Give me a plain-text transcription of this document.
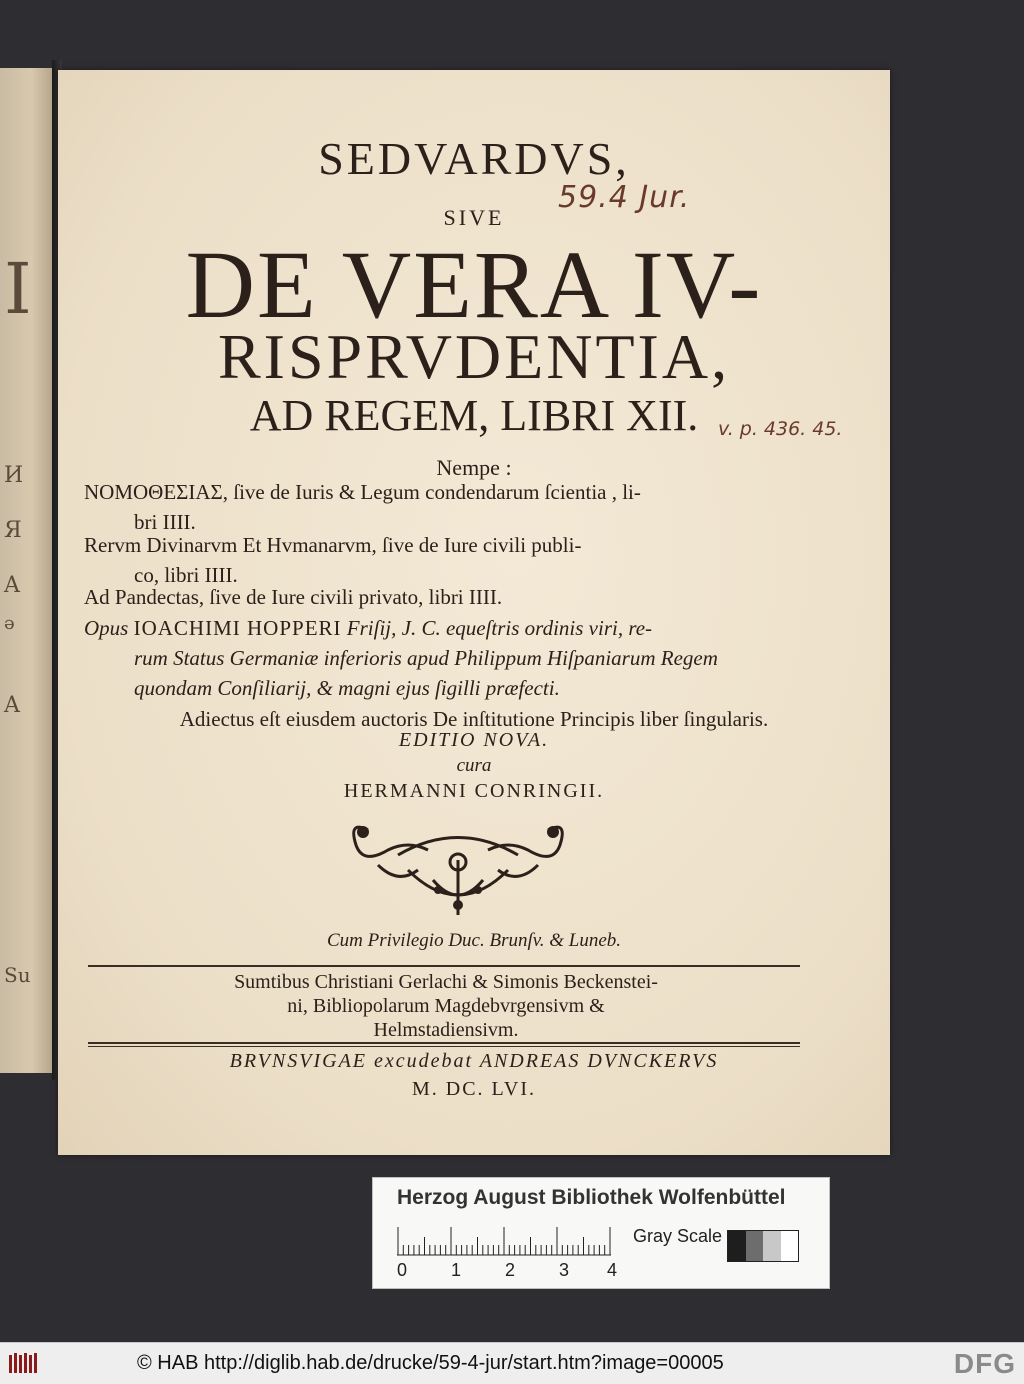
I
И
Я
A
ə
A
Su
SEDVARDVS,
SIVE
DE VERA IV-
RISPRVDENTIA,
AD REGEM, LIBRI XII.
Nempe :
ΝΟΜΟΘΕΣΙΑΣ, ſive de Iuris & Legum condendarum ſcientia , li-
bri IIII.
Rervm Divinarvm Et Hvmanarvm, ſive de Iure civili publi-
co, libri IIII.
Ad Pandectas, ſive de Iure civili privato, libri IIII.
Opus IOACHIMI HOPPERI Friſij, J. C. equeſtris ordinis viri, re-
rum Status Germaniæ inferioris apud Philippum Hiſpaniarum Regem
quondam Conſiliarij, & magni ejus ſigilli præfecti.
Adiectus eſt eiusdem auctoris De inſtitutione Principis liber ſingularis.
EDITIO NOVA.
cura
HERMANNI CONRINGII.
Cum Privilegio Duc. Brunſv. & Luneb.
Sumtibus Christiani Gerlachi & Simonis Beckenstei-
ni, Bibliopolarum Magdebvrgensivm &
Helmstadiensivm.
BRVNSVIGAE excudebat ANDREAS DVNCKERVS
M. DC. LVI.
59.4 Jur.
v. p. 436. 45.
Herzog August Bibliothek Wolfenbüttel
0 1 2 3 4
Gray Scale
© HAB http://diglib.hab.de/drucke/59-4-jur/start.htm?image=00005	DFG
